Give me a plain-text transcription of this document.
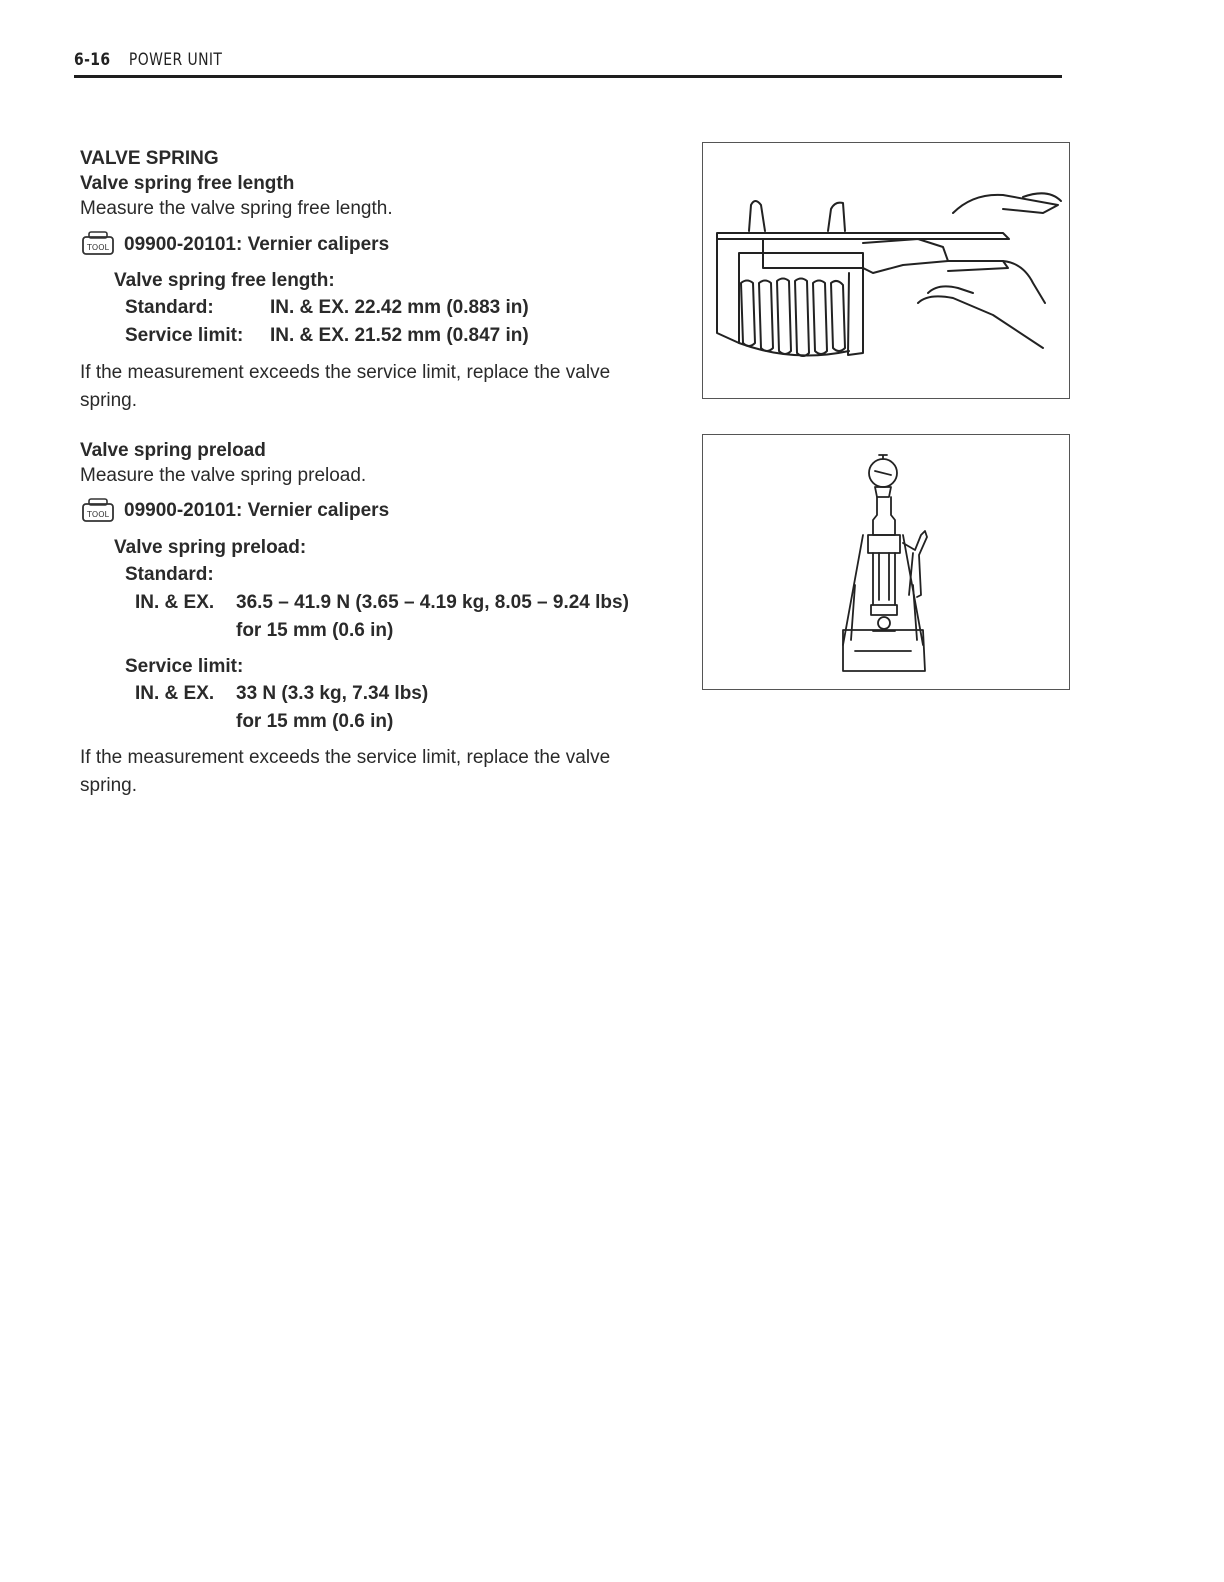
6-16 POWER UNIT
VALVE SPRING
Valve spring free length
Measure the valve spring free length.
TOOL 09900-20101: Vernier calipers
Valve spring free length:
Standard:	IN. & EX. 22.42 mm (0.883 in)
Service limit: IN. & EX. 21.52 mm (0.847 in)
If the measurement exceeds the service limit, replace the valve
spring.
Valve spring preload
Measure the valve spring preload.
TOOL 09900-20101: Vernier calipers
Valve spring preload:
Standard:
IN. & EX. 36.5 – 41.9 N (3.65 – 4.19 kg, 8.05 – 9.24 lbs)
for 15 mm (0.6 in)
Service limit:
IN. & EX. 33 N (3.3 kg, 7.34 lbs)
for 15 mm (0.6 in)
If the measurement exceeds the service limit, replace the valve
spring.
